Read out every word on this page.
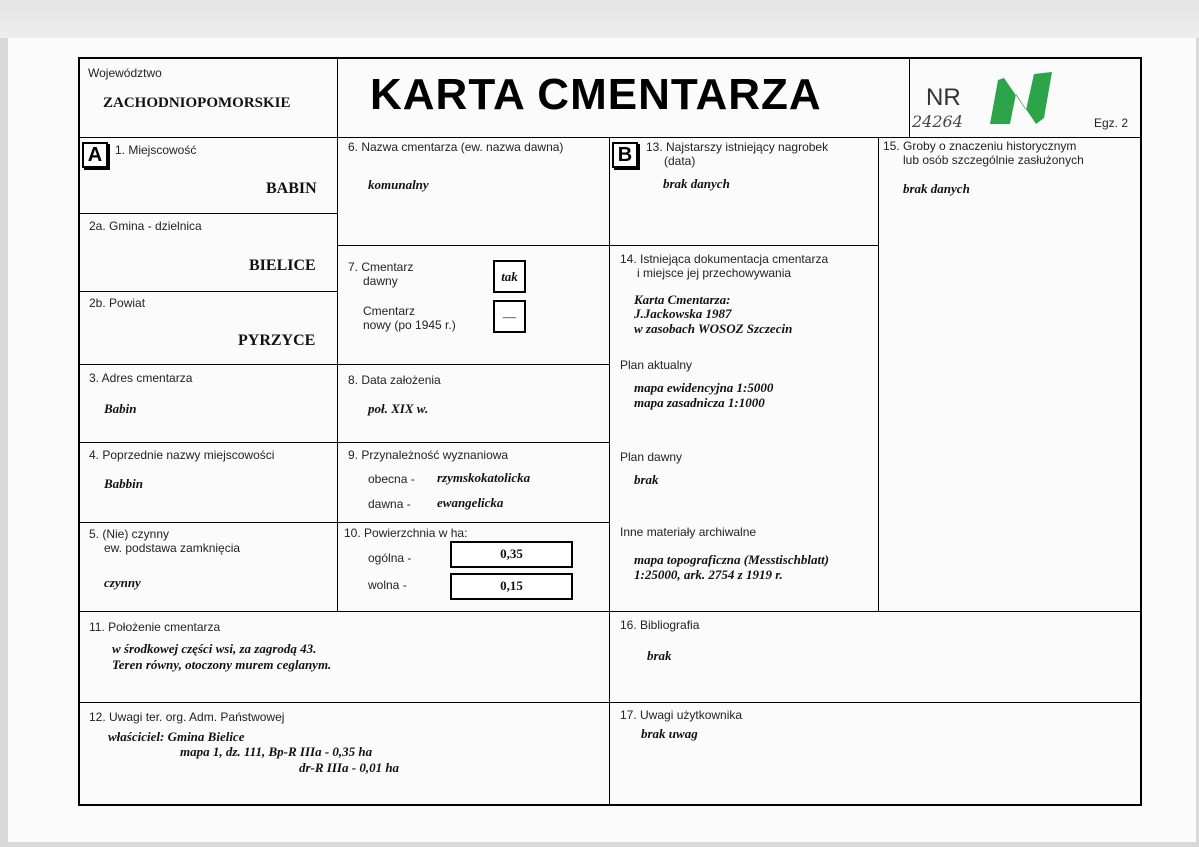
Województwo
ZACHODNIOPOMORSKIE KARTA CMENTARZA	NR
24264	Egz. 2
A	1. Miejscowość
BABIN
2a. Gmina - dzielnica
BIELICE
2b. Powiat
PYRZYCE
3. Adres cmentarza
Babin
4. Poprzednie nazwy miejscowości
Babbin
5. (Nie) czynny
ew. podstawa zamknięcia
czynny
6. Nazwa cmentarza (ew. nazwa dawna)
komunalny
7. Cmentarz
dawny	tak
Cmentarz
nowy (po 1945 r.)
—
8. Data założenia
poł. XIX w.
9. Przynależność wyznaniowa
obecna - rzymskokatolicka
dawna - ewangelicka
10. Powierzchnia w ha:
ogólna -	0,35
wolna -	0,15
11. Położenie cmentarza
w środkowej części wsi, za zagrodą 43.
Teren równy, otoczony murem ceglanym.
12. Uwagi ter. org. Adm. Państwowej
właściciel: Gmina Bielice
mapa 1, dz. 111, Bp-R IIIa - 0,35 ha
dr-R IIIa - 0,01 ha
B	13. Najstarszy istniejący nagrobek
(data)
brak danych
14. Istniejąca dokumentacja cmentarza
i miejsce jej przechowywania
Karta Cmentarza:
J.Jackowska 1987
w zasobach WOSOZ Szczecin
Plan aktualny
mapa ewidencyjna 1:5000
mapa zasadnicza 1:1000
Plan dawny
brak
Inne materiały archiwalne
mapa topograficzna (Messtischblatt)
1:25000, ark. 2754 z 1919 r.
15. Groby o znaczeniu historycznym
lub osób szczególnie zasłużonych
brak danych
16. Bibliografia
brak
17. Uwagi użytkownika
brak uwag
